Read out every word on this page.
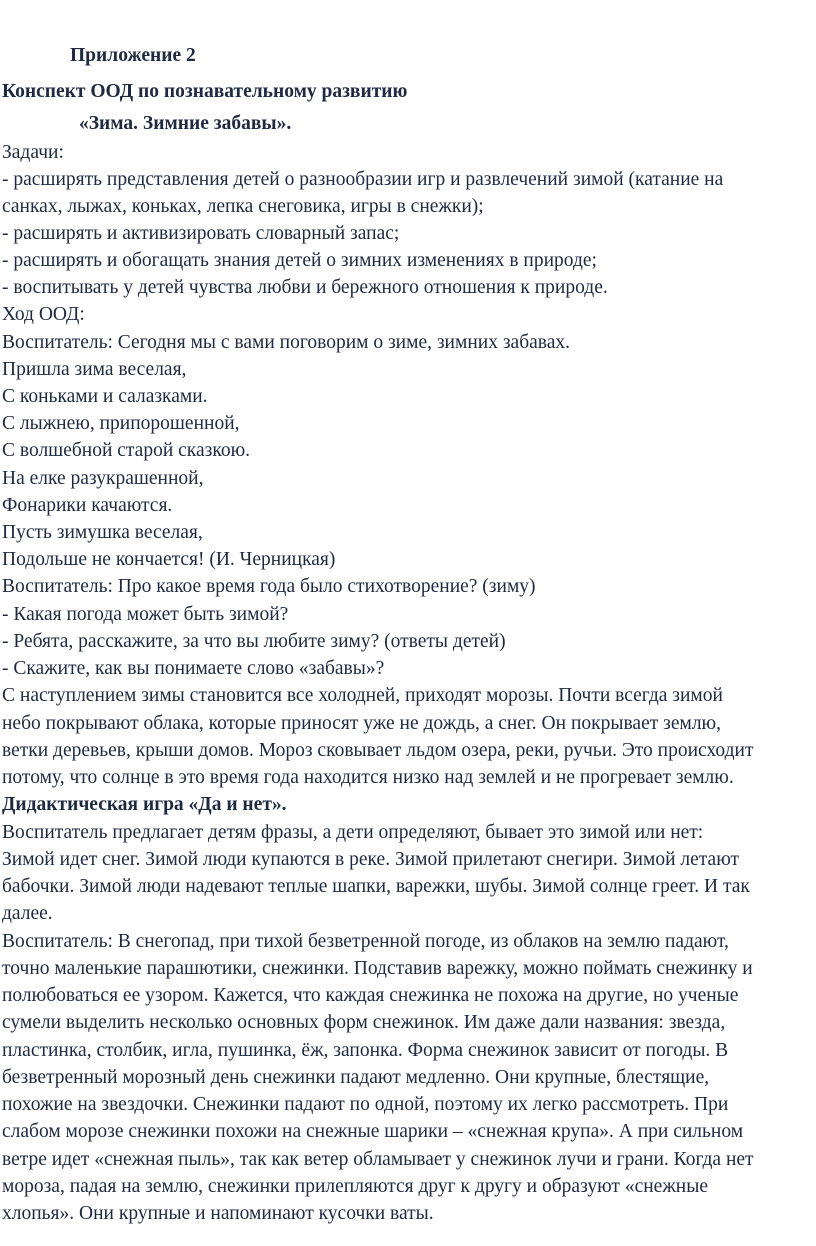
Приложение 2

Конспект ООД по познавательному развитию

«Зима. Зимние забавы».

Задачи:

- расширять представления детей о разнообразии игр и развлечений зимой (катание на

санках, лыжах, коньках, лепка снеговика, игры в снежки);

- расширять и активизировать словарный запас;

- расширять и обогащать знания детей о зимних изменениях в природе;

- воспитывать у детей чувства любви и бережного отношения к природе.

Ход ООД:

Воспитатель: Сегодня мы с вами поговорим о зиме, зимних забавах.

Пришла зима веселая,

С коньками и салазками.

С лыжнею, припорошенной,

С волшебной старой сказкою.

На елке разукрашенной,

Фонарики качаются.

Пусть зимушка веселая,

Подольше не кончается! (И. Черницкая)

Воспитатель: Про какое время года было стихотворение? (зиму)

- Какая погода может быть зимой?

- Ребята, расскажите, за что вы любите зиму? (ответы детей)

- Скажите, как вы понимаете слово «забавы»?

С наступлением зимы становится все холодней, приходят морозы. Почти всегда зимой

небо покрывают облака, которые приносят уже не дождь, а снег. Он покрывает землю,

ветки деревьев, крыши домов. Мороз сковывает льдом озера, реки, ручьи. Это происходит

потому, что солнце в это время года находится низко над землей и не прогревает землю.

Дидактическая игра «Да и нет».

Воспитатель предлагает детям фразы, а дети определяют, бывает это зимой или нет:

Зимой идет снег. Зимой люди купаются в реке. Зимой прилетают снегири. Зимой летают

бабочки. Зимой люди надевают теплые шапки, варежки, шубы. Зимой солнце греет. И так

далее.

Воспитатель: В снегопад, при тихой безветренной погоде, из облаков на землю падают,

точно маленькие парашютики, снежинки. Подставив варежку, можно поймать снежинку и

полюбоваться ее узором. Кажется, что каждая снежинка не похожа на другие, но ученые

сумели выделить несколько основных форм снежинок. Им даже дали названия: звезда,

пластинка, столбик, игла, пушинка, ёж, запонка. Форма снежинок зависит от погоды. В

безветренный морозный день снежинки падают медленно. Они крупные, блестящие,

похожие на звездочки. Снежинки падают по одной, поэтому их легко рассмотреть. При

слабом морозе снежинки похожи на снежные шарики – «снежная крупа». А при сильном

ветре идет «снежная пыль», так как ветер обламывает у снежинок лучи и грани. Когда нет

мороза, падая на землю, снежинки прилепляются друг к другу и образуют «снежные

хлопья». Они крупные и напоминают кусочки ваты.
